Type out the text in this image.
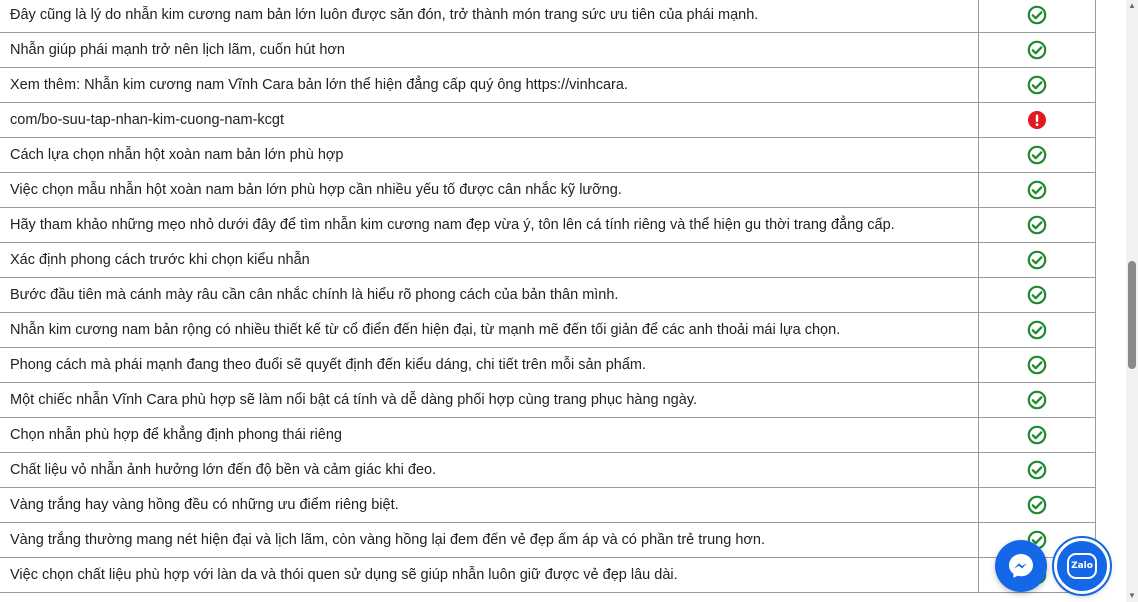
Đây cũng là lý do nhẫn kim cương nam bản lớn luôn được săn đón, trở thành món trang sức ưu tiên của phái mạnh.
Nhẫn giúp phái mạnh trở nên lịch lãm, cuốn hút hơn
Xem thêm: Nhẫn kim cương nam Vĩnh Cara bản lớn thể hiện đẳng cấp quý ông https://vinhcara.
com/bo-suu-tap-nhan-kim-cuong-nam-kcgt
Cách lựa chọn nhẫn hột xoàn nam bản lớn phù hợp
Việc chọn mẫu nhẫn hột xoàn nam bản lớn phù hợp cần nhiều yếu tố được cân nhắc kỹ lưỡng.
Hãy tham khảo những mẹo nhỏ dưới đây để tìm nhẫn kim cương nam đẹp vừa ý, tôn lên cá tính riêng và thể hiện gu thời trang đẳng cấp.
Xác định phong cách trước khi chọn kiểu nhẫn
Bước đầu tiên mà cánh mày râu cần cân nhắc chính là hiểu rõ phong cách của bản thân mình.
Nhẫn kim cương nam bản rộng có nhiều thiết kế từ cổ điển đến hiện đại, từ mạnh mẽ đến tối giản để các anh thoải mái lựa chọn.
Phong cách mà phái mạnh đang theo đuổi sẽ quyết định đến kiểu dáng, chi tiết trên mỗi sản phẩm.
Một chiếc nhẫn Vĩnh Cara phù hợp sẽ làm nổi bật cá tính và dễ dàng phối hợp cùng trang phục hàng ngày.
Chọn nhẫn phù hợp để khẳng định phong thái riêng
Chất liệu vỏ nhẫn ảnh hưởng lớn đến độ bền và cảm giác khi đeo.
Vàng trắng hay vàng hồng đều có những ưu điểm riêng biệt.
Vàng trắng thường mang nét hiện đại và lịch lãm, còn vàng hồng lại đem đến vẻ đẹp ấm áp và có phần trẻ trung hơn.
Việc chọn chất liệu phù hợp với làn da và thói quen sử dụng sẽ giúp nhẫn luôn giữ được vẻ đẹp lâu dài.
▲
▼
Zalo
